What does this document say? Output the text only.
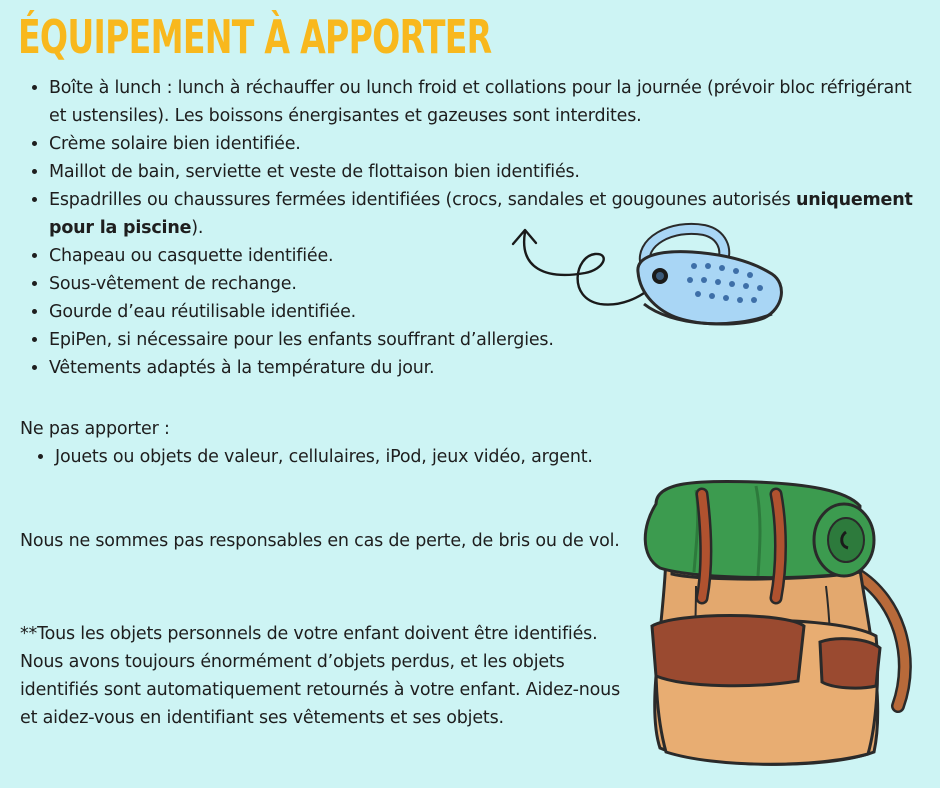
ÉQUIPEMENT À APPORTER
• Boîte à lunch : lunch à réchauffer ou lunch froid et collations pour la journée (prévoir bloc réfrigérant et ustensiles). Les boissons énergisantes et gazeuses sont interdites.
• Crème solaire bien identifiée.
• Maillot de bain, serviette et veste de flottaison bien identifiés.
• Espadrilles ou chaussures fermées identifiées (crocs, sandales et gougounes autorisés uniquement pour la piscine).
• Chapeau ou casquette identifiée.
• Sous-vêtement de rechange.
• Gourde d’eau réutilisable identifiée.
• EpiPen, si nécessaire pour les enfants souffrant d’allergies.
• Vêtements adaptés à la température du jour.

Ne pas apporter :

• Jouets ou objets de valeur, cellulaires, iPod, jeux vidéo, argent.

Nous ne sommes pas responsables en cas de perte, de bris ou de vol.

**Tous les objets personnels de votre enfant doivent être identifiés. Nous avons toujours énormément d’objets perdus, et les objets identifiés sont automatiquement retournés à votre enfant. Aidez-nous et aidez-vous en identifiant ses vêtements et ses objets.
